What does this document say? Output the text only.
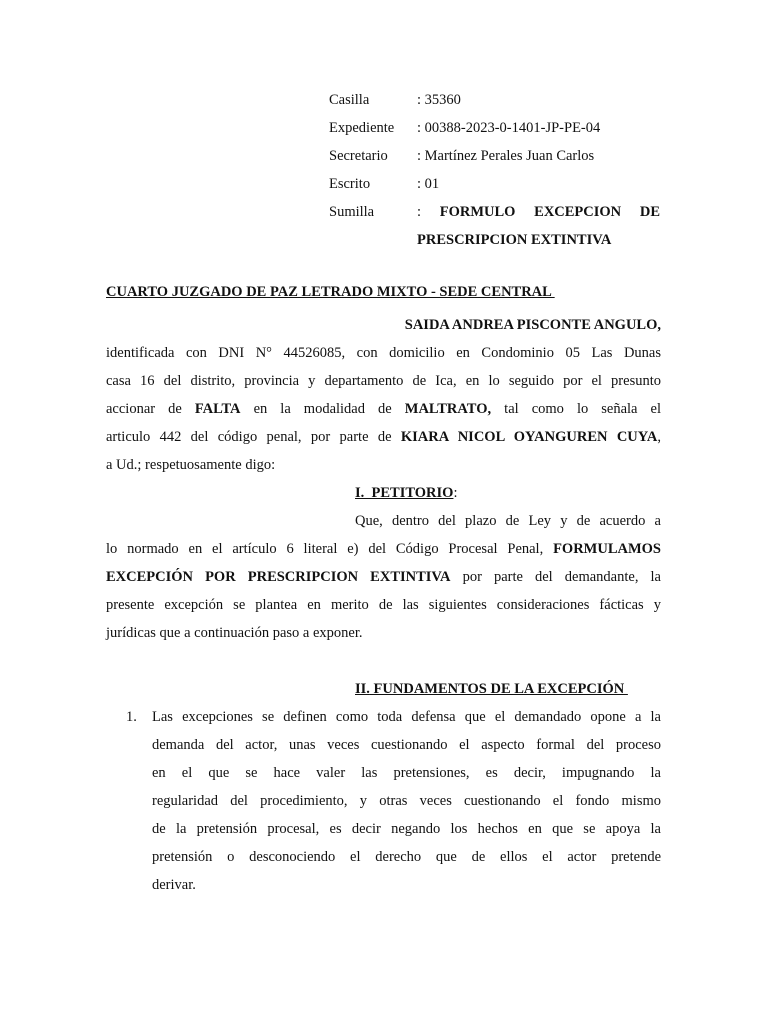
Casilla	: 35360
Expediente	: 00388-2023-0-1401-JP-PE-04
Secretario	: Martínez Perales Juan Carlos
Escrito	: 01
Sumilla	: FORMULO EXCEPCION DE
PRESCRIPCION EXTINTIVA
CUARTO JUZGADO DE PAZ LETRADO MIXTO - SEDE CENTRAL
SAIDA ANDREA PISCONTE ANGULO,
identificada con DNI N° 44526085, con domicilio en Condominio 05 Las Dunas
casa 16 del distrito, provincia y departamento de Ica, en lo seguido por el presunto
accionar de FALTA en la modalidad de MALTRATO, tal como lo señala el
articulo 442 del código penal, por parte de KIARA NICOL OYANGUREN CUYA,
a Ud.; respetuosamente digo:
I.  PETITORIO:
Que, dentro del plazo de Ley y de acuerdo a
lo normado en el artículo 6 literal e) del Código Procesal Penal, FORMULAMOS
EXCEPCIÓN POR PRESCRIPCION EXTINTIVA por parte del demandante, la
presente excepción se plantea en merito de las siguientes consideraciones fácticas y
jurídicas que a continuación paso a exponer.
II. FUNDAMENTOS DE LA EXCEPCIÓN
1. Las excepciones se definen como toda defensa que el demandado opone a la
demanda del actor, unas veces cuestionando el aspecto formal del proceso
en el que se hace valer las pretensiones, es decir, impugnando la
regularidad del procedimiento, y otras veces cuestionando el fondo mismo
de la pretensión procesal, es decir negando los hechos en que se apoya la
pretensión o desconociendo el derecho que de ellos el actor pretende
derivar.
